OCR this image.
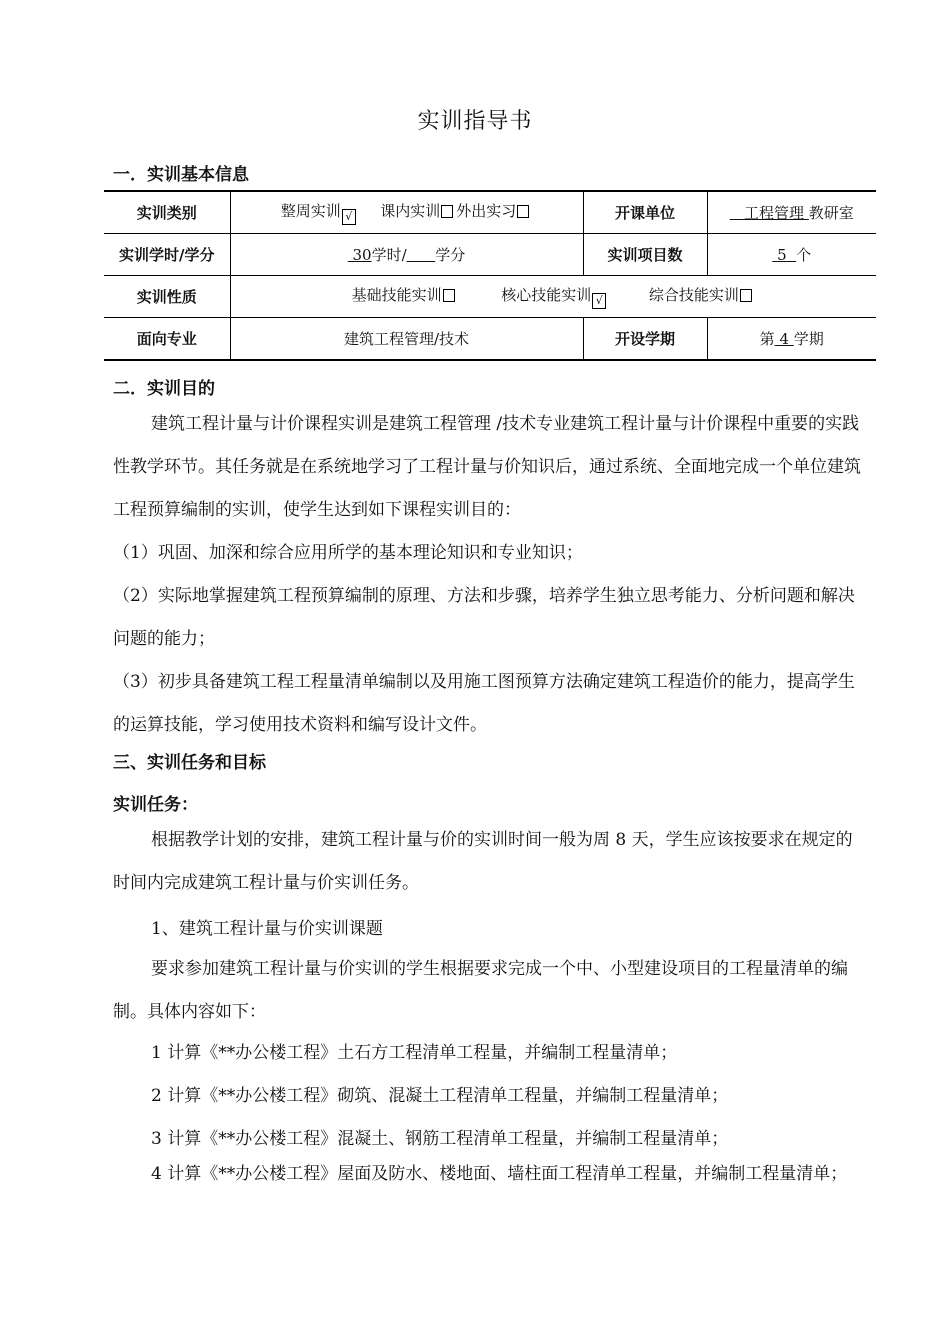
实训指导书
一．实训基本信息
实训类别	整周实训 √ 课内实训 外出实习	开课单位	工程管理 教研室
实训学时/学分	30学时/ 学分	实训项目数	5 个
实训性质	基础技能实训 核心技能实训 √ 综合技能实训		
面向专业	建筑工程管理/技术	开设学期	第 4 学期
二．实训目的
建筑工程计量与计价课程实训是建筑工程管理 /技术专业建筑工程计量与计价课程中重要的实践性教学环节。其任务就是在系统地学习了工程计量与价知识后，通过系统、全面地完成一个单位建筑工程预算编制的实训，使学生达到如下课程实训目的：
（1）巩固、加深和综合应用所学的基本理论知识和专业知识；
（2）实际地掌握建筑工程预算编制的原理、方法和步骤，培养学生独立思考能力、分析问题和解决问题的能力；
（3）初步具备建筑工程工程量清单编制以及用施工图预算方法确定建筑工程造价的能力，提高学生的运算技能，学习使用技术资料和编写设计文件。
三、实训任务和目标
实训任务：
根据教学计划的安排，建筑工程计量与价的实训时间一般为周 8 天，学生应该按要求在规定的时间内完成建筑工程计量与价实训任务。
1、建筑工程计量与价实训课题
要求参加建筑工程计量与价实训的学生根据要求完成一个中、小型建设项目的工程量清单的编制。具体内容如下：
1 计算《**办公楼工程》土石方工程清单工程量，并编制工程量清单；
2 计算《**办公楼工程》砌筑、混凝土工程清单工程量，并编制工程量清单；
3 计算《**办公楼工程》混凝土、钢筋工程清单工程量，并编制工程量清单；
4 计算《**办公楼工程》屋面及防水、楼地面、墙柱面工程清单工程量，并编制工程量清单；
